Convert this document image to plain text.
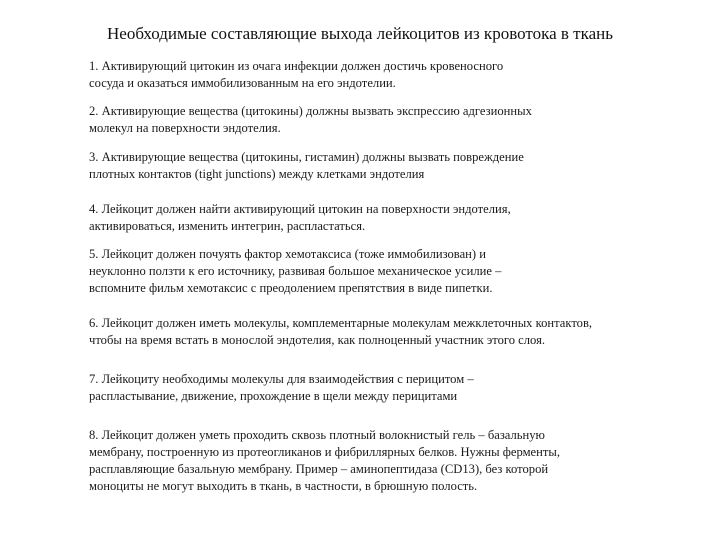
Необходимые составляющие выхода лейкоцитов из кровотока в ткань
1. Активирующий цитокин из очага инфекции должен достичь кровеносного
сосуда и оказаться иммобилизованным на его эндотелии.
2. Активирующие вещества (цитокины) должны вызвать экспрессию адгезионных
молекул на поверхности эндотелия.
3. Активирующие вещества (цитокины, гистамин) должны вызвать повреждение
плотных контактов (tight junctions) между клетками эндотелия
4. Лейкоцит должен найти активирующий цитокин на поверхности эндотелия,
активироваться, изменить интегрин, распластаться.
5. Лейкоцит должен почуять фактор хемотаксиса (тоже иммобилизован) и
неуклонно ползти к его источнику, развивая большое механическое усилие –
вспомните фильм хемотаксис с преодолением препятствия в виде пипетки.
6. Лейкоцит должен иметь молекулы, комплементарные молекулам межклеточных контактов,
чтобы на время встать в монослой эндотелия, как полноценный участник этого слоя.
7. Лейкоциту необходимы молекулы для взаимодействия с перицитом –
распластывание, движение, прохождение в щели между перицитами
8. Лейкоцит должен уметь проходить сквозь плотный волокнистый гель – базальную
мембрану, построенную из протеогликанов и фибриллярных белков. Нужны ферменты,
расплавляющие базальную мембрану. Пример – аминопептидаза (CD13), без которой
моноциты не могут выходить в ткань, в частности, в брюшную полость.
